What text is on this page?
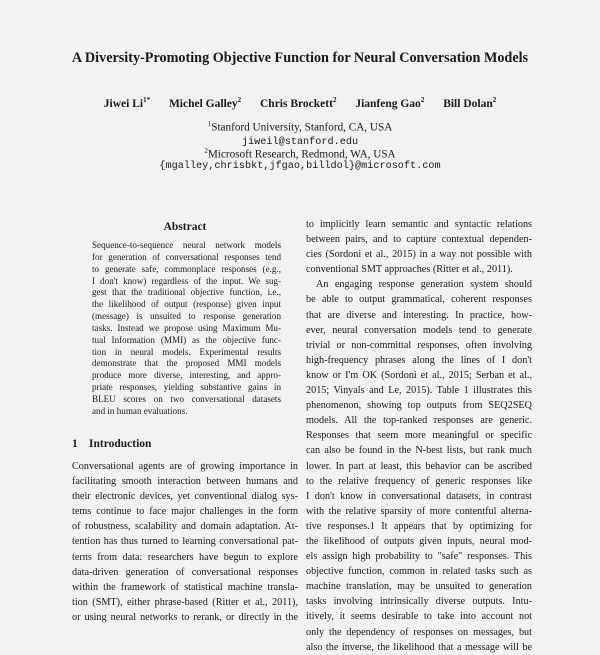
A Diversity-Promoting Objective Function for Neural Conversation Models
Jiwei $Li^{1*}$ Michel Galley$^2$ Chris Brockett$^2$ Jianfeng Gao$^2$ Bill Dolan$^2$
$^1$Stanford University, Stanford, CA, USA
jiweil@stanford.edu
$^2$Microsoft Research, Redmond, WA, USA
{mgalley,chrisbkt,jfgao,billdol}@microsoft.com
Abstract
Sequence-to-sequence neural network models
for generation of conversational responses tend
to generate safe, commonplace responses (e.g.,
I don't know) regardless of the input. We sug-
gest that the traditional objective function, i.e.,
the likelihood of output (response) given input
(message) is unsuited to response generation
tasks. Instead we propose using Maximum Mu-
tual Information (MMI) as the objective func-
tion in neural models. Experimental results
demonstrate that the proposed MMI models
produce more diverse, interesting, and appro-
priate responses, yielding substantive gains in
BLEU scores on two conversational datasets
and in human evaluations.
1 Introduction
Conversational agents are of growing importance in
facilitating smooth interaction between humans and
their electronic devices, yet conventional dialog sys-
tems continue to face major challenges in the form
of robustness, scalability and domain adaptation. At-
tention has thus turned to learning conversational pat-
terns from data: researchers have begun to explore
data-driven generation of conversational responses
within the framework of statistical machine transla-
tion (SMT), either phrase-based (Ritter et al., 2011),
or using neural networks to rerank, or directly in the
to implicitly learn semantic and syntactic relations
between pairs, and to capture contextual dependen-
cies (Sordoni et al., 2015) in a way not possible with
conventional SMT approaches (Ritter et al., 2011).
An engaging response generation system should
be able to output grammatical, coherent responses
that are diverse and interesting. In practice, how-
ever, neural conversation models tend to generate
trivial or non-committal responses, often involving
high-frequency phrases along the lines of I don't
know or I'm OK (Sordoni et al., 2015; Serban et al.,
2015; Vinyals and Le, 2015). Table 1 illustrates this
phenomenon, showing top outputs from SEQ2SEQ
models. All the top-ranked responses are generic.
Responses that seem more meaningful or specific
can also be found in the N-best lists, but rank much
lower. In part at least, this behavior can be ascribed
to the relative frequency of generic responses like
I don't know in conversational datasets, in contrast
with the relative sparsity of more contentful alterna-
tive responses.1 It appears that by optimizing for
the likelihood of outputs given inputs, neural mod-
els assign high probability to "safe" responses. This
objective function, common in related tasks such as
machine translation, may be unsuited to generation
tasks involving intrinsically diverse outputs. Intu-
itively, it seems desirable to take into account not
only the dependency of responses on messages, but
also the inverse, the likelihood that a message will be
